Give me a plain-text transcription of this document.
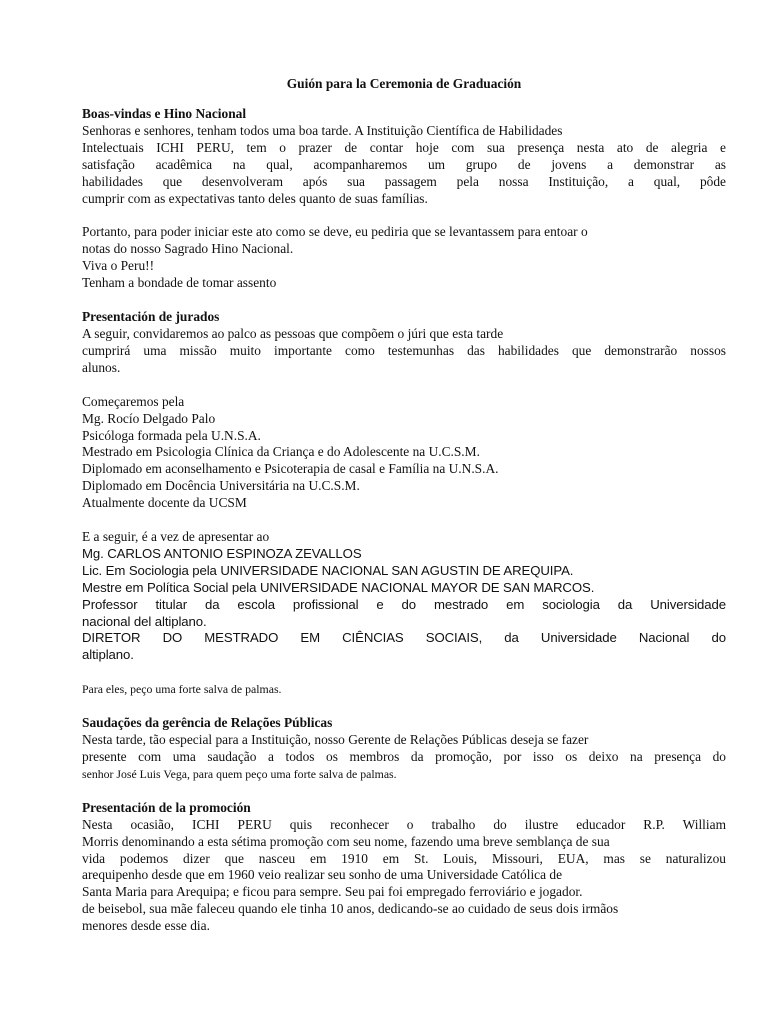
Guión para la Ceremonia de Graduación
Boas-vindas e Hino Nacional
Senhoras e senhores, tenham todos uma boa tarde. A Instituição Científica de Habilidades
Intelectuais ICHI PERU, tem o prazer de contar hoje com sua presença nesta ato de alegria e
satisfação acadêmica na qual, acompanharemos um grupo de jovens a demonstrar as
habilidades que desenvolveram após sua passagem pela nossa Instituição, a qual, pôde
cumprir com as expectativas tanto deles quanto de suas famílias.
Portanto, para poder iniciar este ato como se deve, eu pediria que se levantassem para entoar o
notas do nosso Sagrado Hino Nacional.
Viva o Peru!!
Tenham a bondade de tomar assento
Presentación de jurados
A seguir, convidaremos ao palco as pessoas que compõem o júri que esta tarde
cumprirá uma missão muito importante como testemunhas das habilidades que demonstrarão nossos
alunos.
Começaremos pela
Mg. Rocío Delgado Palo
Psicóloga formada pela U.N.S.A.
Mestrado em Psicologia Clínica da Criança e do Adolescente na U.C.S.M.
Diplomado em aconselhamento e Psicoterapia de casal e Família na U.N.S.A.
Diplomado em Docência Universitária na U.C.S.M.
Atualmente docente da UCSM
E a seguir, é a vez de apresentar ao
Mg. CARLOS ANTONIO ESPINOZA ZEVALLOS
Lic. Em Sociologia pela UNIVERSIDADE NACIONAL SAN AGUSTIN DE AREQUIPA.
Mestre em Política Social pela UNIVERSIDADE NACIONAL MAYOR DE SAN MARCOS.
Professor titular da escola profissional e do mestrado em sociologia da Universidade
nacional del altiplano.
DIRETOR DO MESTRADO EM CIÊNCIAS SOCIAIS, da Universidade Nacional do
altiplano.
Para eles, peço uma forte salva de palmas.
Saudações da gerência de Relações Públicas
Nesta tarde, tão especial para a Instituição, nosso Gerente de Relações Públicas deseja se fazer
presente com uma saudação a todos os membros da promoção, por isso os deixo na presença do
senhor José Luis Vega, para quem peço uma forte salva de palmas.
Presentación de la promoción
Nesta ocasião, ICHI PERU quis reconhecer o trabalho do ilustre educador R.P. William
Morris denominando a esta sétima promoção com seu nome, fazendo uma breve semblança de sua
vida podemos dizer que nasceu em 1910 em St. Louis, Missouri, EUA, mas se naturalizou
arequipenho desde que em 1960 veio realizar seu sonho de uma Universidade Católica de
Santa Maria para Arequipa; e ficou para sempre. Seu pai foi empregado ferroviário e jogador.
de beisebol, sua mãe faleceu quando ele tinha 10 anos, dedicando-se ao cuidado de seus dois irmãos
menores desde esse dia.
